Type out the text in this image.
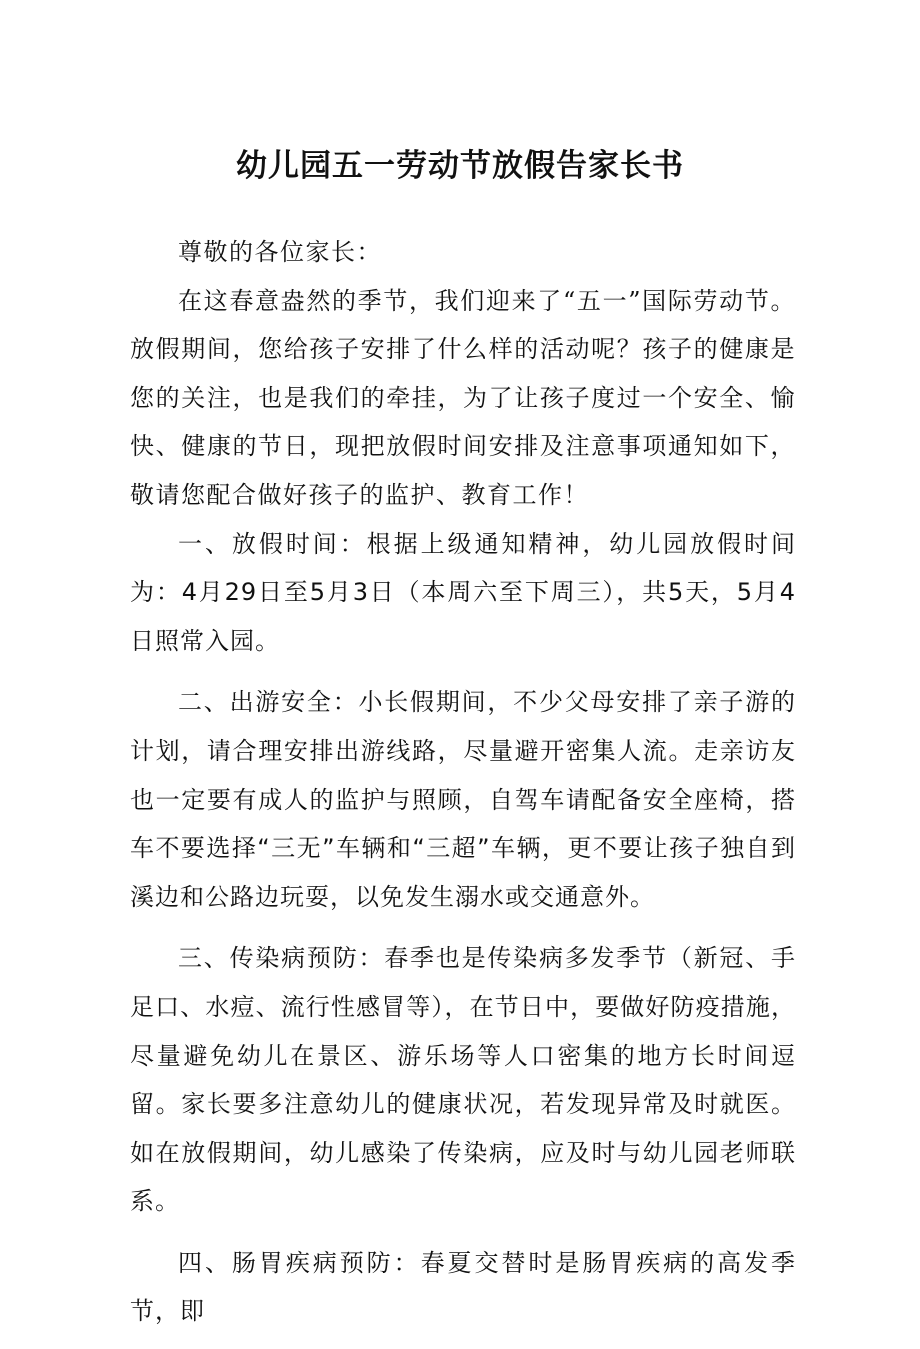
幼儿园五一劳动节放假告家长书

尊敬的各位家长：

在这春意盎然的季节，我们迎来了“五一”国际劳动节。放假期间，您给孩子安排了什么样的活动呢？孩子的健康是您的关注，也是我们的牵挂，为了让孩子度过一个安全、愉快、健康的节日，现把放假时间安排及注意事项通知如下，敬请您配合做好孩子的监护、教育工作！

一、放假时间：根据上级通知精神，幼儿园放假时间为：4月29日至5月3日（本周六至下周三），共5天，5月4日照常入园。

二、出游安全：小长假期间，不少父母安排了亲子游的计划，请合理安排出游线路，尽量避开密集人流。走亲访友也一定要有成人的监护与照顾，自驾车请配备安全座椅，搭车不要选择“三无”车辆和“三超”车辆，更不要让孩子独自到溪边和公路边玩耍，以免发生溺水或交通意外。

三、传染病预防：春季也是传染病多发季节（新冠、手足口、水痘、流行性感冒等），在节日中，要做好防疫措施，尽量避免幼儿在景区、游乐场等人口密集的地方长时间逗留。家长要多注意幼儿的健康状况，若发现异常及时就医。如在放假期间，幼儿感染了传染病，应及时与幼儿园老师联系。

四、肠胃疾病预防：春夏交替时是肠胃疾病的高发季节，即
